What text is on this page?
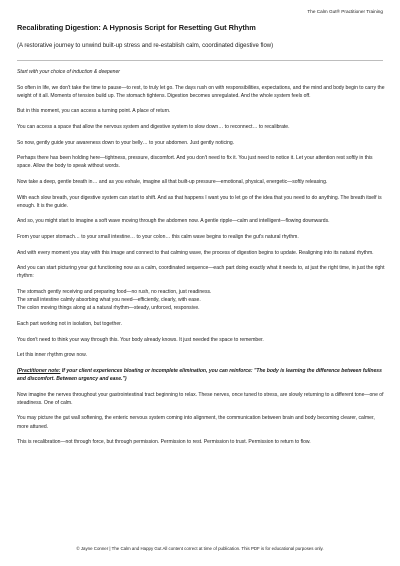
The Calm Gut® Practitioner Training
Recalibrating Digestion: A Hypnosis Script for Resetting Gut Rhythm
(A restorative journey to unwind built-up stress and re-establish calm, coordinated digestive flow)

Start with your choice of induction & deepener

So often in life, we don't take the time to pause—to rest, to truly let go. The days rush on with responsibilities, expectations, and the mind and body begin to carry the weight of it all. Moments of tension build up. The stomach tightens. Digestion becomes unregulated. And the whole system feels off.

But in this moment, you can access a turning point. A place of return.

You can access a space that allow the nervous system and digestive system to slow down… to reconnect… to recalibrate.

So now, gently guide your awareness down to your belly… to your abdomen. Just gently noticing.

Perhaps there has been holding here—tightness, pressure, discomfort. And you don't need to fix it. You just need to notice it. Let your attention rest softly in this space. Allow the body to speak without words.

Now take a deep, gentle breath in… and as you exhale, imagine all that built-up pressure—emotional, physical, energetic—softly releasing.

With each slow breath, your digestive system can start to shift. And as that happens I want you to let go of the idea that you need to do anything. The breath itself is enough. It is the guide.

And so, you might start to imagine a soft wave moving through the abdomen now. A gentle ripple—calm and intelligent—flowing downwards.

From your upper stomach… to your small intestine… to your colon… this calm wave begins to realign the gut's natural rhythm.

And with every moment you stay with this image and connect to that calming wave, the process of digestion begins to update. Realigning into its natural rhythm.

And you can start picturing your gut functioning now as a calm, coordinated sequence—each part doing exactly what it needs to, at just the right time, in just the right rhythm:

The stomach gently receiving and preparing food—no rush, no reaction, just readiness.

The small intestine calmly absorbing what you need—efficiently, clearly, with ease.

The colon moving things along at a natural rhythm—steady, unforced, responsive.

Each part working not in isolation, but together.

You don't need to think your way through this. Your body already knows. It just needed the space to remember.

Let this inner rhythm grow now.

(Practitioner note: If your client experiences bloating or incomplete elimination, you can reinforce: "The body is learning the difference between fullness and discomfort. Between urgency and ease.")

Now imagine the nerves throughout your gastrointestinal tract beginning to relax. These nerves, once tuned to stress, are slowly returning to a different tone—one of steadiness. One of calm.

You may picture the gut wall softening, the enteric nervous system coming into alignment, the communication between brain and body becoming clearer, calmer, more attuned.

This is recalibration—not through force, but through permission. Permission to rest. Permission to trust. Permission to return to flow.

© Jayne Conner | The Calm and Happy Gut All content correct at time of publication. This PDF is for educational purposes only.
